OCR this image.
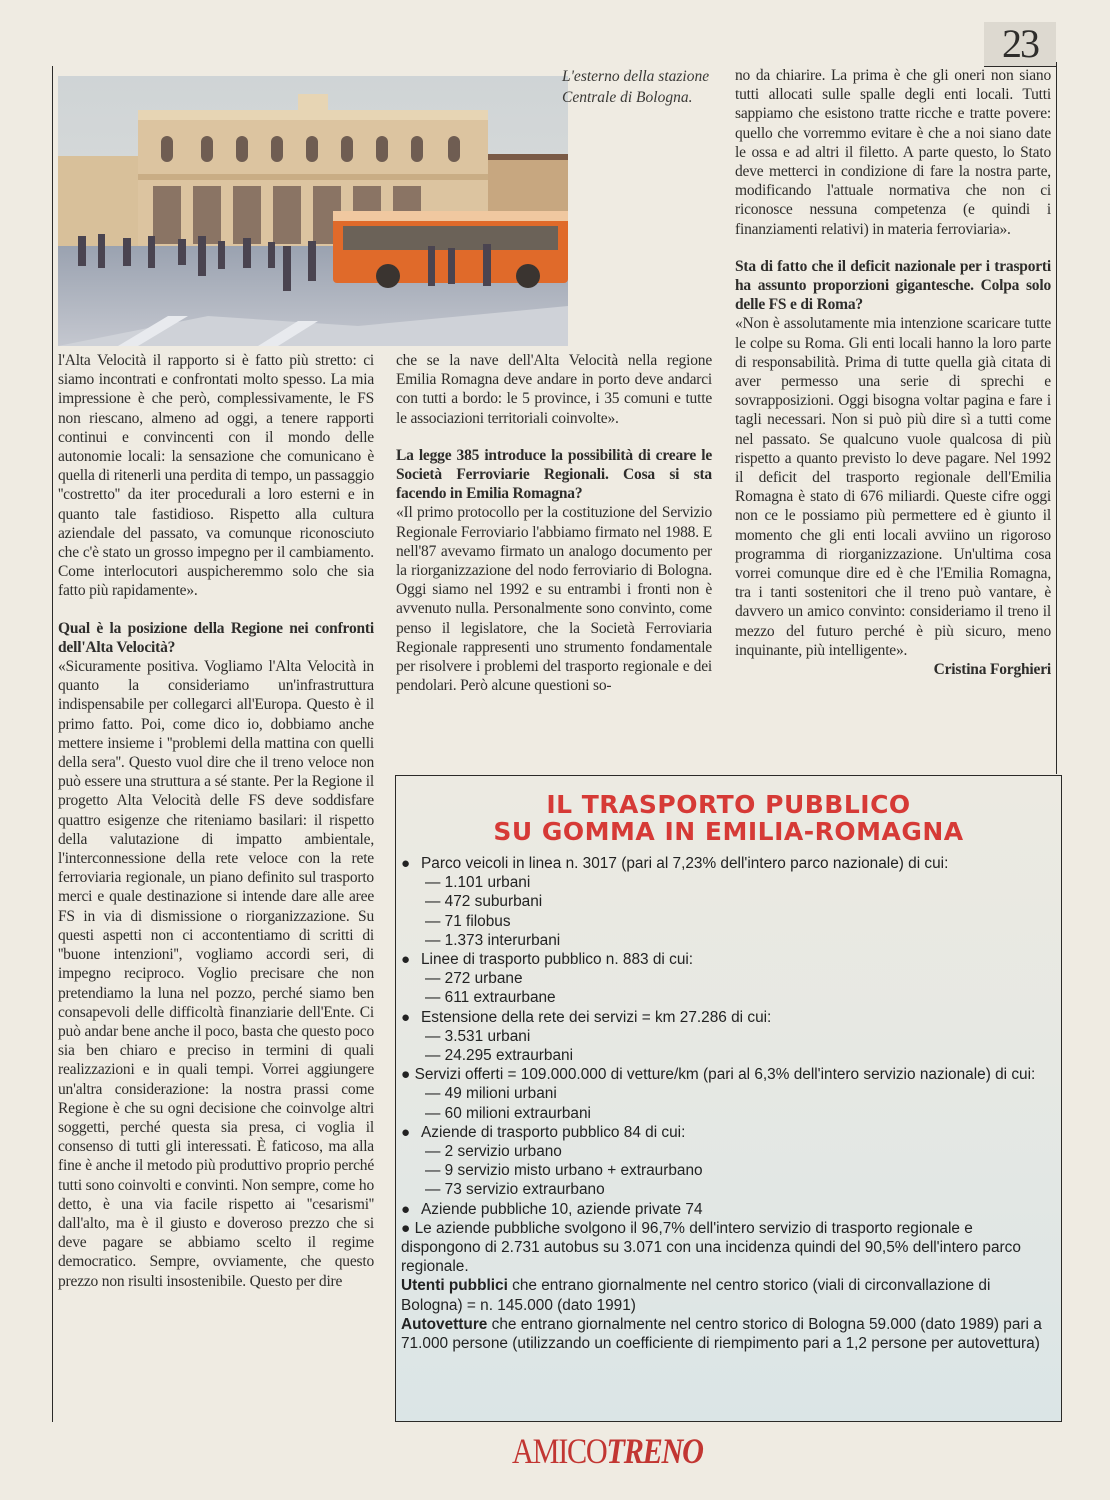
23
L'esterno della stazione Centrale di Bologna.

l'Alta Velocità il rapporto si è fatto più stretto: ci siamo incontrati e confrontati molto spesso. La mia impressione è che però, complessivamente, le FS non riescano, almeno ad oggi, a tenere rapporti continui e convincenti con il mondo delle autonomie locali: la sensazione che comunicano è quella di ritenerli una perdita di tempo, un passaggio ''costretto'' da iter procedurali a loro esterni e in quanto tale fastidioso. Rispetto alla cultura aziendale del passato, va comunque riconosciuto che c'è stato un grosso impegno per il cambiamento. Come interlocutori auspicheremmo solo che sia fatto più rapidamente».

Qual è la posizione della Regione nei confronti dell'Alta Velocità?

«Sicuramente positiva. Vogliamo l'Alta Velocità in quanto la consideriamo un'infrastruttura indispensabile per collegarci all'Europa. Questo è il primo fatto. Poi, come dico io, dobbiamo anche mettere insieme i ''problemi della mattina con quelli della sera''. Questo vuol dire che il treno veloce non può essere una struttura a sé stante. Per la Regione il progetto Alta Velocità delle FS deve soddisfare quattro esigenze che riteniamo basilari: il rispetto della valutazione di impatto ambientale, l'interconnessione della rete veloce con la rete ferroviaria regionale, un piano definito sul trasporto merci e quale destinazione si intende dare alle aree FS in via di dismissione o riorganizzazione. Su questi aspetti non ci accontentiamo di scritti di ''buone intenzioni'', vogliamo accordi seri, di impegno reciproco. Voglio precisare che non pretendiamo la luna nel pozzo, perché siamo ben consapevoli delle difficoltà finanziarie dell'Ente. Ci può andar bene anche il poco, basta che questo poco sia ben chiaro e preciso in termini di quali realizzazioni e in quali tempi. Vorrei aggiungere un'altra considerazione: la nostra prassi come Regione è che su ogni decisione che coinvolge altri soggetti, perché questa sia presa, ci voglia il consenso di tutti gli interessati. È faticoso, ma alla fine è anche il metodo più produttivo proprio perché tutti sono coinvolti e convinti. Non sempre, come ho detto, è una via facile rispetto ai ''cesarismi'' dall'alto, ma è il giusto e doveroso prezzo che si deve pagare se abbiamo scelto il regime democratico. Sempre, ovviamente, che questo prezzo non risulti insostenibile. Questo per dire

che se la nave dell'Alta Velocità nella regione Emilia Romagna deve andare in porto deve andarci con tutti a bordo: le 5 province, i 35 comuni e tutte le associazioni territoriali coinvolte».

La legge 385 introduce la possibilità di creare le Società Ferroviarie Regionali. Cosa si sta facendo in Emilia Romagna?

«Il primo protocollo per la costituzione del Servizio Regionale Ferroviario l'abbiamo firmato nel 1988. E nell'87 avevamo firmato un analogo documento per la riorganizzazione del nodo ferroviario di Bologna. Oggi siamo nel 1992 e su entrambi i fronti non è avvenuto nulla. Personalmente sono convinto, come penso il legislatore, che la Società Ferroviaria Regionale rappresenti uno strumento fondamentale per risolvere i problemi del trasporto regionale e dei pendolari. Però alcune questioni so-

no da chiarire. La prima è che gli oneri non siano tutti allocati sulle spalle degli enti locali. Tutti sappiamo che esistono tratte ricche e tratte povere: quello che vorremmo evitare è che a noi siano date le ossa e ad altri il filetto. A parte questo, lo Stato deve metterci in condizione di fare la nostra parte, modificando l'attuale normativa che non ci riconosce nessuna competenza (e quindi i finanziamenti relativi) in materia ferroviaria».

Sta di fatto che il deficit nazionale per i trasporti ha assunto proporzioni gigantesche. Colpa solo delle FS e di Roma?

«Non è assolutamente mia intenzione scaricare tutte le colpe su Roma. Gli enti locali hanno la loro parte di responsabilità. Prima di tutte quella già citata di aver permesso una serie di sprechi e sovrapposizioni. Oggi bisogna voltar pagina e fare i tagli necessari. Non si può più dire sì a tutti come nel passato. Se qualcuno vuole qualcosa di più rispetto a quanto previsto lo deve pagare. Nel 1992 il deficit del trasporto regionale dell'Emilia Romagna è stato di 676 miliardi. Queste cifre oggi non ce le possiamo più permettere ed è giunto il momento che gli enti locali avviino un rigoroso programma di riorganizzazione. Un'ultima cosa vorrei comunque dire ed è che l'Emilia Romagna, tra i tanti sostenitori che il treno può vantare, è davvero un amico convinto: consideriamo il treno il mezzo del futuro perché è più sicuro, meno inquinante, più intelligente».

Cristina Forghieri

IL TRASPORTO PUBBLICO
SU GOMMA IN EMILIA-ROMAGNA
● Parco veicoli in linea n. 3017 (pari al 7,23% dell'intero parco nazionale) di cui:
— 1.101 urbani
— 472 suburbani
— 71 filobus
— 1.373 interurbani
● Linee di trasporto pubblico n. 883 di cui:
— 272 urbane
— 611 extraurbane
● Estensione della rete dei servizi = km 27.286 di cui:
— 3.531 urbani
— 24.295 extraurbani
● Servizi offerti = 109.000.000 di vetture/km (pari al 6,3% dell'intero servizio nazionale) di cui:
— 49 milioni urbani
— 60 milioni extraurbani
● Aziende di trasporto pubblico 84 di cui:
— 2 servizio urbano
— 9 servizio misto urbano + extraurbano
— 73 servizio extraurbano
● Aziende pubbliche 10, aziende private 74
● Le aziende pubbliche svolgono il 96,7% dell'intero servizio di trasporto regionale e dispongono di 2.731 autobus su 3.071 con una incidenza quindi del 90,5% dell'intero parco regionale.
Utenti pubblici che entrano giornalmente nel centro storico (viali di circonvallazione di Bologna) = n. 145.000 (dato 1991)
Autovetture che entrano giornalmente nel centro storico di Bologna 59.000 (dato 1989) pari a 71.000 persone (utilizzando un coefficiente di riempimento pari a 1,2 persone per autovettura)
AMICOTRENO
